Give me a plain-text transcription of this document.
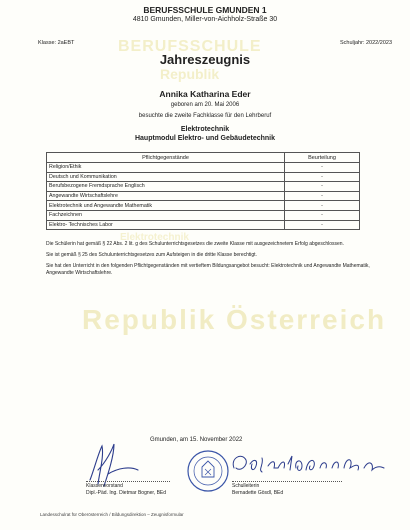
BERUFSSCHULE
Republik
Elektrotechnik
Republik Österreich
BERUFSSCHULE GMUNDEN 1
4810 Gmunden, Miller-von-Aichholz-Straße 30
Klasse: 2aEBT	Schuljahr: 2022/2023
Jahreszeugnis
Annika Katharina Eder
geboren am 20. Mai 2006
besuchte die zweite Fachklasse für den Lehrberuf
Elektrotechnik
Hauptmodul Elektro- und Gebäudetechnik
Pflichtgegenstände	Beurteilung
Religion/Ethik	-
Deutsch und Kommunikation	-
Berufsbezogene Fremdsprache Englisch	-
Angewandte Wirtschaftslehre	-
Elektrotechnik und Angewandte Mathematik	-
Fachzeichnen	-
Elektro- Technisches Labor	-
Die Schülerin hat gemäß § 22 Abs. 2 lit. g des Schulunterrichtsgesetzes die zweite Klasse mit ausgezeichnetem Erfolg abgeschlossen.
Sie ist gemäß § 25 des Schulunterrichtsgesetzes zum Aufsteigen in die dritte Klasse berechtigt.
Sie hat den Unterricht in den folgenden Pflichtgegenständen mit vertieftem Bildungsangebot besucht: Elektrotechnik und Angewandte Mathematik, Angewandte Wirtschaftslehre.
Gmunden, am 15. November 2022
Klassenvorstand
Dipl.-Päd. Ing. Dietmar Bogner, BEd
Schulleiterin
Bernadette Gösdl, BEd
Landesschulrat für Oberösterreich / Bildungsdirektion – Zeugnisformular
